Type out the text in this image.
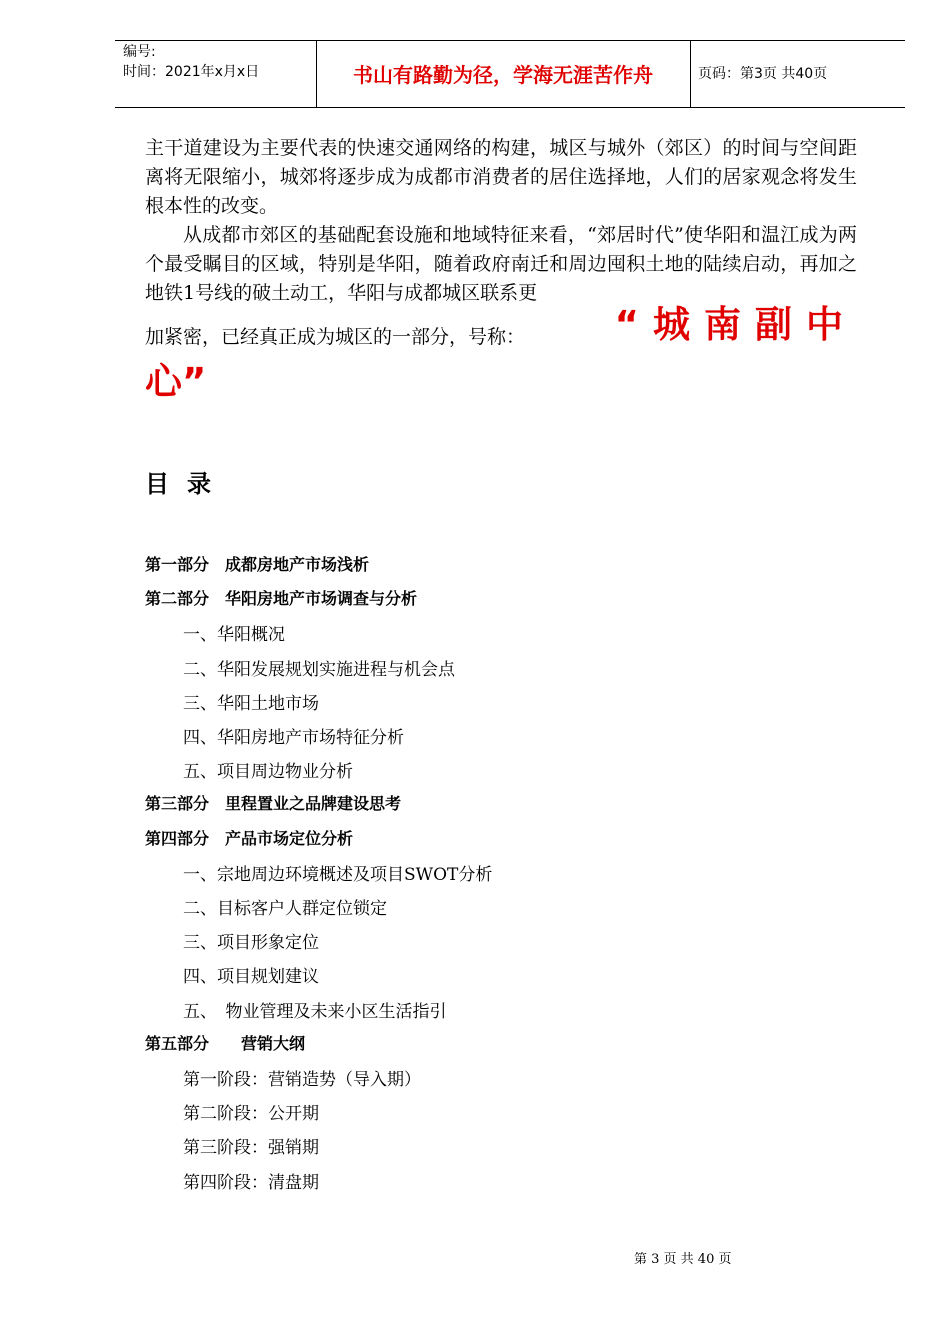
编号:
时间：2021年x月x日	书山有路勤为径，学海无涯苦作舟	页码：第3页 共40页

主干道建设为主要代表的快速交通网络的构建，城区与城外（郊区）的时间与空间距离将无限缩小，城郊将逐步成为成都市消费者的居住选择地，人们的居家观念将发生根本性的改变。

从成都市郊区的基础配套设施和地域特征来看，“郊居时代”使华阳和温江成为两个最受瞩目的区域，特别是华阳，随着政府南迁和周边囤积土地的陆续启动，再加之地铁1号线的破土动工，华阳与成都城区联系更

加紧密，已经真正成为城区的一部分，号称： “城南副中
心”
目录
第一部分　成都房地产市场浅析
第二部分　华阳房地产市场调查与分析
一、华阳概况
二、华阳发展规划实施进程与机会点
三、华阳土地市场
四、华阳房地产市场特征分析
五、项目周边物业分析
第三部分　里程置业之品牌建设思考
第四部分　产品市场定位分析
一、宗地周边环境概述及项目SWOT分析
二、目标客户人群定位锁定
三、项目形象定位
四、项目规划建议
五、　物业管理及未来小区生活指引
第五部分　　营销大纲
第一阶段：营销造势（导入期）
第二阶段：公开期
第三阶段：强销期
第四阶段：清盘期
第 3 页 共 40 页
